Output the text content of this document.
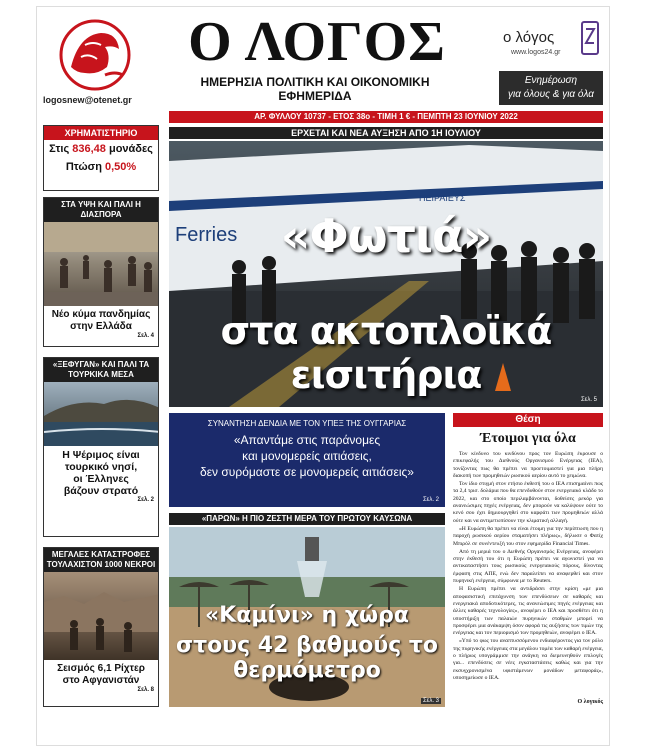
logosnew@otenet.gr
Ο ΛΟΓΟΣ
ΗΜΕΡΗΣΙΑ ΠΟΛΙΤΙΚΗ ΚΑΙ ΟΙΚΟΝΟΜΙΚΗ ΕΦΗΜΕΡΙΔΑ
ο λόγος
www.logos24.gr
Ενημέρωση
για όλους & για όλα
ΑΡ. ΦΥΛΛΟΥ 10737 - ΕΤΟΣ 38ο - ΤΙΜΗ 1 € - ΠΕΜΠΤΗ 23 ΙΟΥΝΙΟΥ 2022
ΧΡΗΜΑΤΙΣΤΗΡΙΟ
Στις 836,48 μονάδες
Πτώση 0,50%
ΣΤΑ ΥΨΗ ΚΑΙ ΠΑΛΙ Η ΔΙΑΣΠΟΡΑ
Νέο κύμα πανδημίας
στην Ελλάδα
Σελ. 4
«ΞΕΦΥΓΑΝ» ΚΑΙ ΠΑΛΙ ΤΑ ΤΟΥΡΚΙΚΑ ΜΕΣΑ
Η Ψέριμος είναι
τουρκικό νησί,
οι Έλληνες
βάζουν στρατό
Σελ. 2
ΜΕΓΑΛΕΣ ΚΑΤΑΣΤΡΟΦΕΣ ΤΟΥΛΑΧΙΣΤΟΝ 1000 ΝΕΚΡΟΙ
Σεισμός 6,1 Ρίχτερ
στο Αφγανιστάν
Σελ. 8
ΕΡΧΕΤΑΙ ΚΑΙ ΝΕΑ ΑΥΞΗΣΗ ΑΠΟ 1Η ΙΟΥΛΙΟΥ
Ferries
ΠΕΙΡΑΙΕΥΣ
«Φωτιά»
στα ακτοπλοϊκά εισιτήρια
Σελ. 5
ΣΥΝΑΝΤΗΣΗ ΔΕΝΔΙΑ ΜΕ ΤΟΝ ΥΠΕΞ ΤΗΣ ΟΥΓΓΑΡΙΑΣ
«Απαντάμε στις παράνομες
και μονομερείς αιτιάσεις,
δεν συρόμαστε σε μονομερείς αιτιάσεις»
Σελ. 2
«ΠΑΡΩΝ» Η ΠΙΟ ΖΕΣΤΗ ΜΕΡΑ ΤΟΥ ΠΡΩΤΟΥ ΚΑΥΣΩΝΑ
«Καμίνι» η χώρα
στους 42 βαθμούς το θερμόμετρο
Σελ. 3
Θέση
Έτοιμοι για όλα

Τον κίνδυνο του κινδύνου προς τον Ευρώπη έκρουσε ο επικεφαλής του Διεθνούς Οργανισμού Ενέργειας (IEA), τονίζοντας πως θα πρέπει να προετοιμαστεί για μια πλήρη διακοπή των προμηθειών ρωσικού αερίου αυτό το χειμώνα.

Τον ίδιο στιγμή στον ετήσιο έκθεσή του ο IEA επισημαίνει πως τα 2,4 τρισ. δολάρια που θα επενδυθούν στον ενεργειακό κλάδο το 2022, και στο οποίο περιλαμβάνονται, δοθείσες ρεκόρ για ανανεώσιμες πηγές ενέργειας, δεν μπορούν να καλύψουν ούτε το κενό σου έχει δημιουργηθεί στο καρφάτι των προμηθειών αλλά ούτε και να αντιμετωπίσουν την κλιματική αλλαγή.

«Η Ευρώπη θα πρέπει να είναι έτοιμη για την περίπτωση που η παροχή ρωσικού αερίου σταματήσει πλήρως», δήλωσε ο Φατίχ Μπιρόλ σε συνέντευξή του στον εφημερίδα Financial Times.

Από τη μεριά του ο Διεθνής Οργανισμός Ενέργειας, ανοφέρει στην έκθεσή του ότι η Ευρώπη πρέπει να αγωνιστεί για να αντικαταστήσει τους ρωσικούς ενεργειακούς πόρους, δίνοντας έμφαση στις ΑΠΕ, ενώ δεν παραλείπει να αναφερθεί και στον πυρηνική ενέργεια, σύμφωνα με το Reuters.

Η Ευρώπη πρέπει να αντιδράσει στην κρίση «με μια αποφασιστική επιτάχυνση των επενδύσεων σε καθαρές και ενεργειακά αποδοτικότερες, τις ανανεώσιμες πηγές ενέργειας και άλλες καθαρές τεχνολογίες», ανοφέρει ο IEA και προσθέτει ότι η υποστήριξη των παλαιών πυρηνικών σταθμών μπορεί να προσφέρει μια ανάκαμψη όσον αφορά τις αυξήσεις των τιμών της ενέργειας και τον περιορισμό των προμηθειών, ανοφέρει ο IEA.

«Υπό το φως του αναπτυσσόμενου ενδιαφέροντος για τον ρόλο της πυρηνικής ενέργειας στα μεγάλου τομέα των καθαρή ενέργεια, ο πλήρως υπογράμμισε την ανάγκη να διερευνηθούν επιλογές για... επενδύσεις σε νέες εγκαταστάσεις καθώς και για την εκσυγχρονισμένα υφιστάμενων μονάδων μεταφοράς», υποσημείωσε ο IEA.

Ο λογικός
